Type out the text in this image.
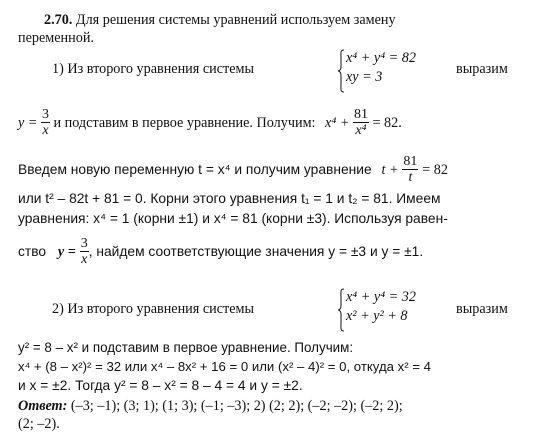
2.70. Для решения системы уравнений используем замену
переменной.
1) Из второго уравнения системы
x⁴ + y⁴ = 82
xy = 3	выразим
$y = \frac{3}{x}$ и подставим в первое уравнение. Получим: $x^4 + \frac{81}{\text{x⁴}} = 82$.
Введем новую переменную t = x⁴ и получим уравнение $t + \frac{81}{t} = 82$
или t² – 82t + 81 = 0. Корни этого уравнения t₁ = 1 и t₂ = 81. Имеем
уравнения: x⁴ = 1 (корни ±1) и x⁴ = 81 (корни ±3). Используя равен-
ство $y = \frac{3}{x}$ , найдем соответствующие значения y = ±3 и y = ±1.
2) Из второго уравнения системы
x⁴ + y⁴ = 32
x² + y² + 8	выразим
y² = 8 – x² и подставим в первое уравнение. Получим:
x⁴ + (8 – x²)² = 32 или x⁴ – 8x² + 16 = 0 или (x² – 4)² = 0, откуда x² = 4
и x = ±2. Тогда y² = 8 – x² = 8 – 4 = 4 и y = ±2.
Ответ: (–3; –1); (3; 1); (1; 3); (–1; –3); 2) (2; 2); (–2; –2); (–2; 2);
(2; –2).
